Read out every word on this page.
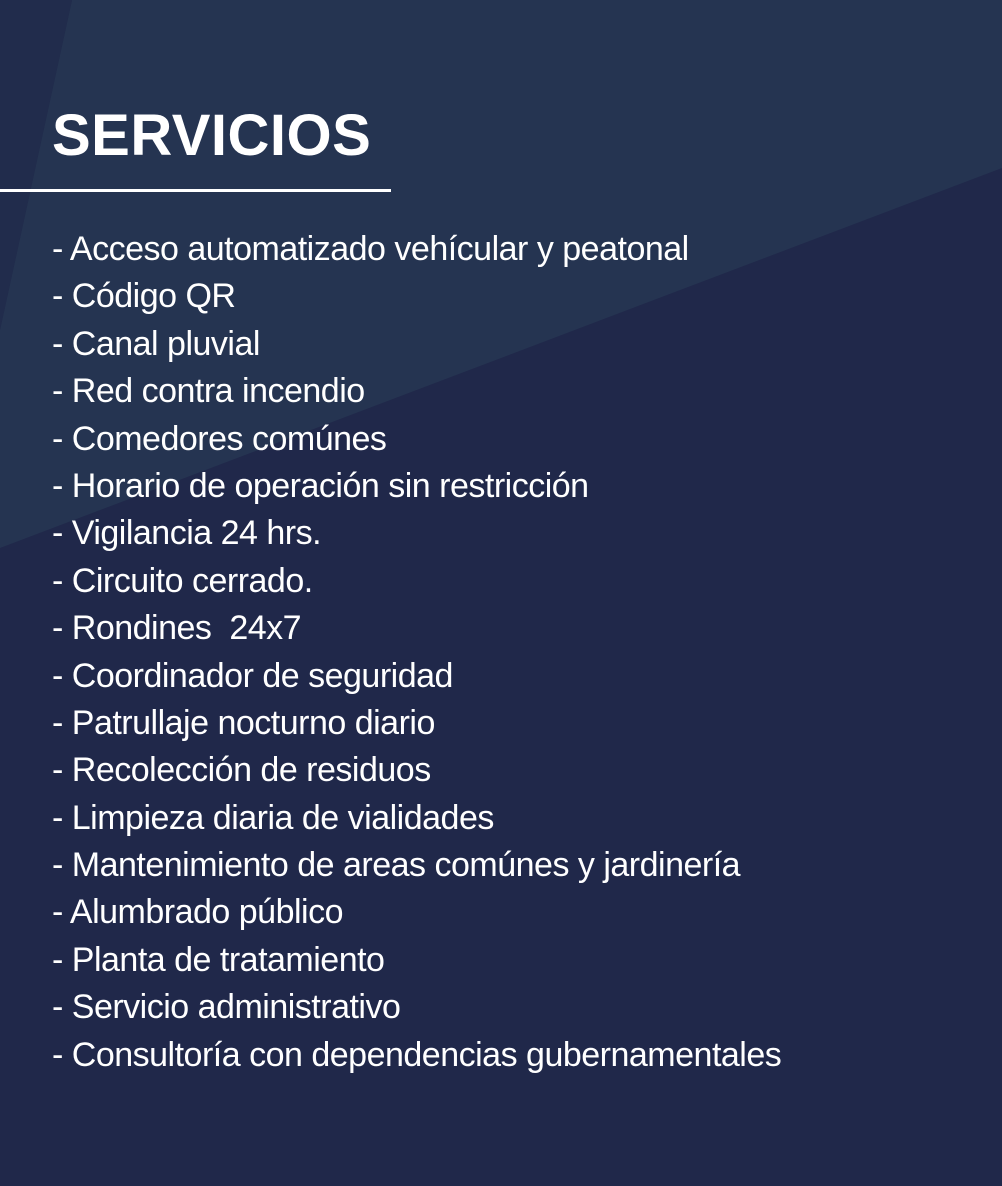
SERVICIOS
- Acceso automatizado vehícular y peatonal
- Código QR
- Canal pluvial
- Red contra incendio
- Comedores comúnes
- Horario de operación sin restricción
- Vigilancia 24 hrs.
- Circuito cerrado.
- Rondines  24x7
- Coordinador de seguridad
- Patrullaje nocturno diario
- Recolección de residuos
- Limpieza diaria de vialidades
- Mantenimiento de areas comúnes y jardinería
- Alumbrado público
- Planta de tratamiento
- Servicio administrativo
- Consultoría con dependencias gubernamentales
